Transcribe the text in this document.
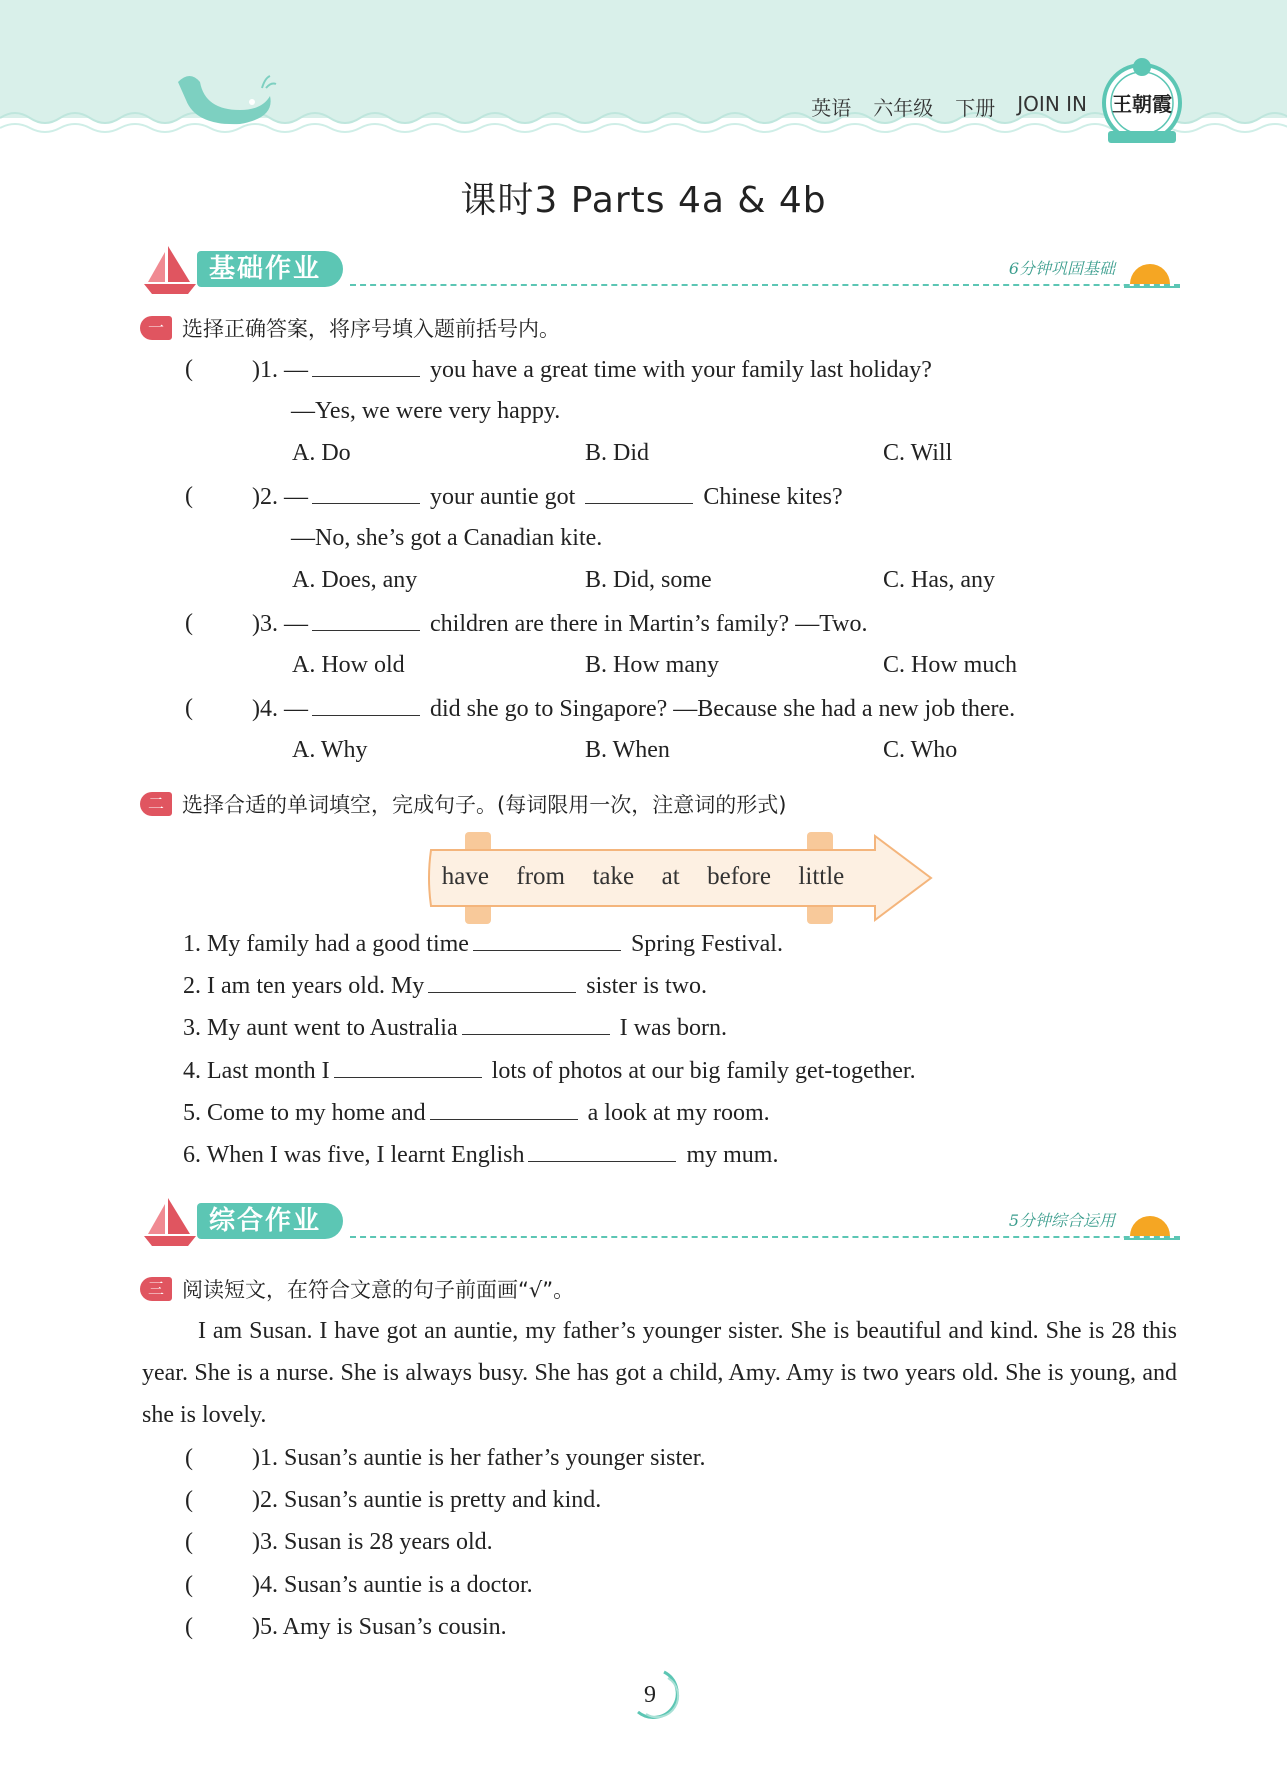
英语 六年级 下册 JOIN IN 王朝霞
课时3 Parts 4a & 4b
基础作业	6分钟巩固基础
一 选择正确答案，将序号填入题前括号内。
( )1. —	you have a great time with your family last holiday?
—Yes, we were very happy.
A. Do	B. Did	C. Will
( )2. —	your auntie got	Chinese kites?
—No, she’s got a Canadian kite.
A. Does, any	B. Did, some	C. Has, any
( )3. —	children are there in Martin’s family? —Two.
A. How old	B. How many	C. How much
( )4. —	did she go to Singapore? —Because she had a new job there.
A. Why	B. When	C. Who
二 选择合适的单词填空，完成句子。(每词限用一次，注意词的形式)
have from take at before little
1. My family had a good time	Spring Festival.
2. I am ten years old. My	sister is two.
3. My aunt went to Australia	I was born.
4. Last month I	lots of photos at our big family get-together.
5. Come to my home and	a look at my room.
6. When I was five, I learnt English	my mum.
综合作业	5分钟综合运用
三 阅读短文，在符合文意的句子前面画“√”。
I am Susan. I have got an auntie, my father’s younger sister. She is beautiful and kind. She is 28 this year. She is a nurse. She is always busy. She has got a child, Amy. Amy is two years old. She is young, and she is lovely.
( )1. Susan’s auntie is her father’s younger sister.
( )2. Susan’s auntie is pretty and kind.
( )3. Susan is 28 years old.
( )4. Susan’s auntie is a doctor.
( )5. Amy is Susan’s cousin.
9
